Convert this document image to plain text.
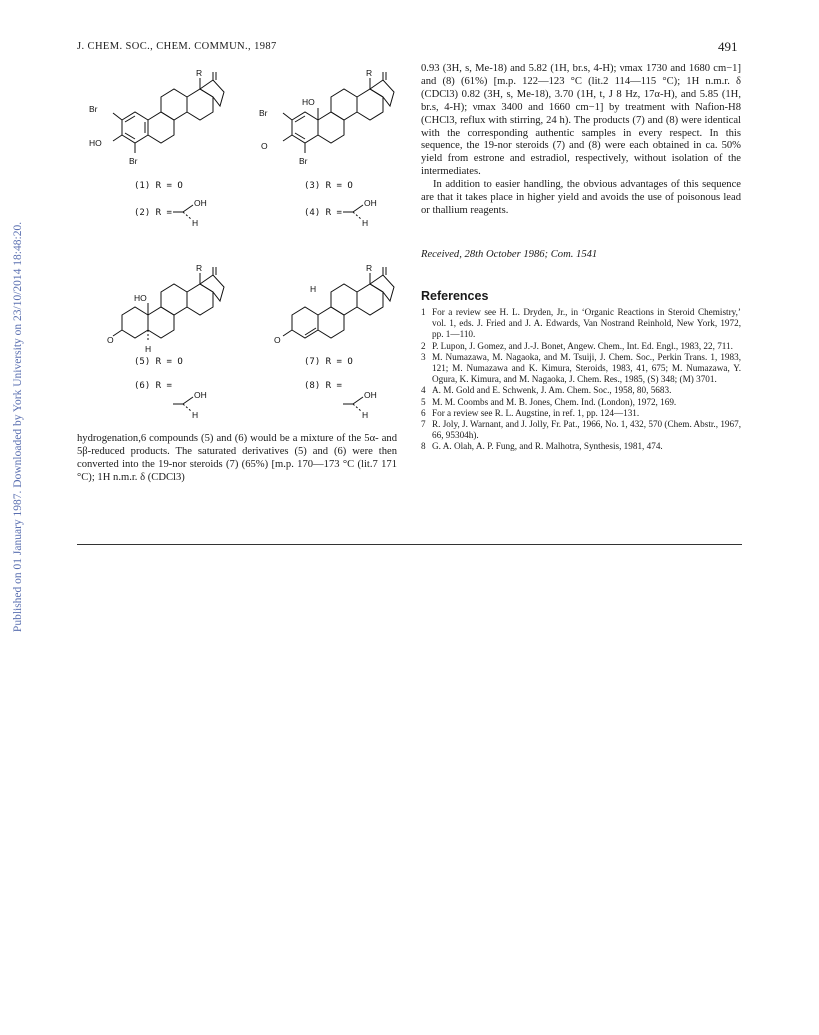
Published on 01 January 1987. Downloaded by York University on 23/10/2014 18:48:20.
J. CHEM. SOC., CHEM. COMMUN., 1987	491
R
Br
HO
Br
R
Br
HO
O
Br
R
HO
O
H
R
H
O
(1) R = O
(2) R =
OH
H
(3) R = O
(4) R =
OH
H
(5) R = O
(6) R =
OH
H
(7) R = O
(8) R =
OH
H

0.93 (3H, s, Me-18) and 5.82 (1H, br.s, 4-H); νmax 1730 and 1680 cm−1] and (8) (61%) [m.p. 122—123 °C (lit.2 114—115 °C); 1H n.m.r. δ (CDCl3) 0.82 (3H, s, Me-18), 3.70 (1H, t, J 8 Hz, 17α-H), and 5.85 (1H, br.s, 4-H); νmax 3400 and 1660 cm−1] by treatment with Nafion-H8 (CHCl3, reflux with stirring, 24 h). The products (7) and (8) were identical with the corresponding authentic samples in every respect. In this sequence, the 19-nor steroids (7) and (8) were each obtained in ca. 50% yield from estrone and estradiol, respectively, without isolation of the intermediates.

In addition to easier handling, the obvious advantages of this sequence are that it takes place in higher yield and avoids the use of poisonous lead or thallium reagents.

Received, 28th October 1986; Com. 1541
References
1 For a review see H. L. Dryden, Jr., in ‘Organic Reactions in Steroid Chemistry,’ vol. 1, eds. J. Fried and J. A. Edwards, Van Nostrand Reinhold, New York, 1972, pp. 1—110.
2 P. Lupon, J. Gomez, and J.-J. Bonet, Angew. Chem., Int. Ed. Engl., 1983, 22, 711.
3 M. Numazawa, M. Nagaoka, and M. Tsuiji, J. Chem. Soc., Perkin Trans. 1, 1983, 121; M. Numazawa and K. Kimura, Steroids, 1983, 41, 675; M. Numazawa, Y. Ogura, K. Kimura, and M. Nagaoka, J. Chem. Res., 1985, (S) 348; (M) 3701.
4 A. M. Gold and E. Schwenk, J. Am. Chem. Soc., 1958, 80, 5683.
5 M. M. Coombs and M. B. Jones, Chem. Ind. (London), 1972, 169.
6 For a review see R. L. Augstine, in ref. 1, pp. 124—131.
7 R. Joly, J. Warnant, and J. Jolly, Fr. Pat., 1966, No. 1, 432, 570 (Chem. Abstr., 1967, 66, 95304h).
8 G. A. Olah, A. P. Fung, and R. Malhotra, Synthesis, 1981, 474.
hydrogenation,6 compounds (5) and (6) would be a mixture of the 5α- and 5β-reduced products. The saturated derivatives (5) and (6) were then converted into the 19-nor steroids (7) (65%) [m.p. 170—173 °C (lit.7 171 °C); 1H n.m.r. δ (CDCl3)
